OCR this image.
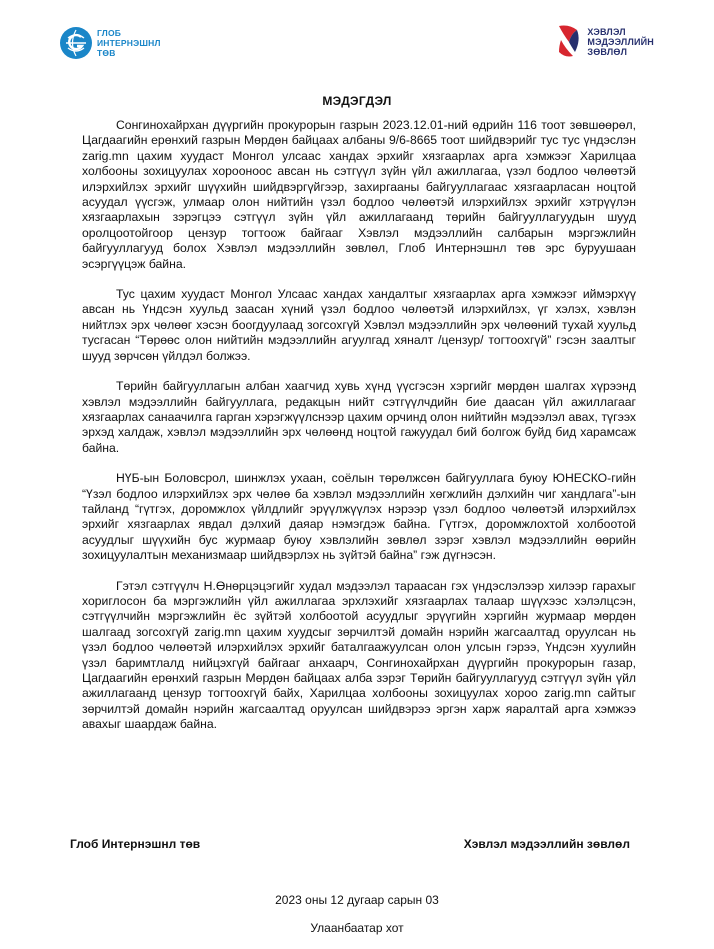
ГЛОБ
ИНТЕРНЭШНЛ
ТӨВ
ХЭВЛЭЛ
МЭДЭЭЛЛИЙН
ЗӨВЛӨЛ
МЭДЭГДЭЛ

Сонгинохайрхан дүүргийн прокурорын газрын 2023.12.01-ний өдрийн 116 тоот зөвшөөрөл, Цагдаагийн ерөнхий газрын Мөрдөн байцаах албаны 9/6-8665 тоот шийдвэрийг тус тус үндэслэн zarig.mn цахим хуудаст Монгол улсаас хандах эрхийг хязгаарлах арга хэмжээг Харилцаа холбооны зохицуулах хорооноос авсан нь сэтгүүл зүйн үйл ажиллагаа, үзэл бодлоо чөлөөтэй илэрхийлэх эрхийг шүүхийн шийдвэргүйгээр, захиргааны байгууллагаас хязгаарласан ноцтой асуудал үүсгэж, улмаар олон нийтийн үзэл бодлоо чөлөөтэй илэрхийлэх эрхийг хэтрүүлэн хязгаарлахын зэрэгцээ сэтгүүл зүйн үйл ажиллагаанд төрийн байгууллагуудын шууд оролцоотойгоор цензур тогтоож байгааг Хэвлэл мэдээллийн салбарын мэргэжлийн байгууллагууд болох Хэвлэл мэдээллийн зөвлөл, Глоб Интернэшнл төв эрс буруушаан эсэргүүцэж байна.

Тус цахим хуудаст Монгол Улсаас хандах хандалтыг хязгаарлах арга хэмжээг иймэрхүү авсан нь Үндсэн хуульд заасан хүний үзэл бодлоо чөлөөтэй илэрхийлэх, үг хэлэх, хэвлэн нийтлэх эрх чөлөөг хэсэн боогдуулаад зогсохгүй Хэвлэл мэдээллийн эрх чөлөөний тухай хуульд тусгасан “Төрөөс олон нийтийн мэдээллийн агуулгад хяналт /цензур/ тогтоохгүй” гэсэн заалтыг шууд зөрчсөн үйлдэл болжээ.

Төрийн байгууллагын албан хаагчид хувь хүнд үүсгэсэн хэргийг мөрдөн шалгах хүрээнд хэвлэл мэдээллийн байгууллага, редакцын нийт сэтгүүлчдийн бие даасан үйл ажиллагааг хязгаарлах санаачилга гарган хэрэгжүүлснээр цахим орчинд олон нийтийн мэдээлэл авах, түгээх эрхэд халдаж, хэвлэл мэдээллийн эрх чөлөөнд ноцтой гажуудал бий болгож буйд бид харамсаж байна.

НҮБ-ын Боловсрол, шинжлэх ухаан, соёлын төрөлжсөн байгууллага буюу ЮНЕСКО-гийн “Үзэл бодлоо илэрхийлэх эрх чөлөө ба хэвлэл мэдээллийн хөгжлийн дэлхийн чиг хандлага”-ын тайланд “гүтгэх, доромжлох үйлдлийг эрүүлжүүлэх нэрээр үзэл бодлоо чөлөөтэй илэрхийлэх эрхийг хязгаарлах явдал дэлхий даяар нэмэгдэж байна. Гүтгэх, доромжлохтой холбоотой асуудлыг шүүхийн бус журмаар буюу хэвлэлийн зөвлөл зэрэг хэвлэл мэдээллийн өөрийн зохицуулалтын механизмаар шийдвэрлэх нь зүйтэй байна” гэж дүгнэсэн.

Гэтэл сэтгүүлч Н.Өнөрцэцэгийг худал мэдээлэл тараасан гэх үндэслэлээр хилээр гарахыг хориглосон ба мэргэжлийн үйл ажиллагаа эрхлэхийг хязгаарлах талаар шүүхээс хэлэлцсэн, сэтгүүлчийн мэргэжлийн ёс зүйтэй холбоотой асуудлыг эрүүгийн хэргийн журмаар мөрдөн шалгаад зогсохгүй zarig.mn цахим хуудсыг зөрчилтэй домайн нэрийн жагсаалтад оруулсан нь үзэл бодлоо чөлөөтэй илэрхийлэх эрхийг баталгаажуулсан олон улсын гэрээ, Үндсэн хуулийн үзэл баримтлалд нийцэхгүй байгааг анхаарч, Сонгинохайрхан дүүргийн прокурорын газар, Цагдаагийн ерөнхий газрын Мөрдөн байцаах алба зэрэг Төрийн байгууллагууд сэтгүүл зүйн үйл ажиллагаанд цензур тогтоохгүй байх, Харилцаа холбооны зохицуулах хороо zarig.mn сайтыг зөрчилтэй домайн нэрийн жагсаалтад оруулсан шийдвэрээ эргэн харж яаралтай арга хэмжээ авахыг шаардаж байна.

Глоб Интернэшнл төв	Хэвлэл мэдээллийн зөвлөл
2023 оны 12 дугаар сарын 03
Улаанбаатар хот
